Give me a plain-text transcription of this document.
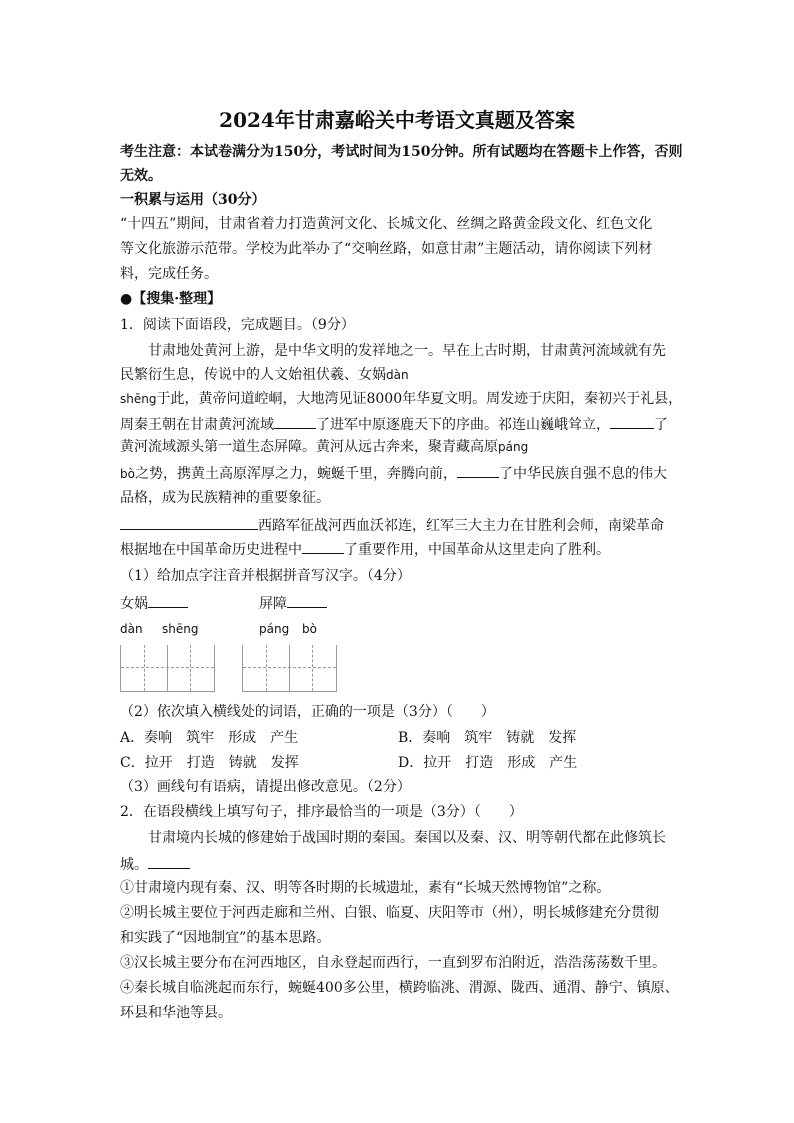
2024年甘肃嘉峪关中考语文真题及答案
考生注意：本试卷满分为150分，考试时间为150分钟。所有试题均在答题卡上作答，否则
无效。
一积累与运用（30分）
“十四五”期间，甘肃省着力打造黄河文化、长城文化、丝绸之路黄金段文化、红色文化
等文化旅游示范带。学校为此举办了“交响丝路，如意甘肃”主题活动，请你阅读下列材
料，完成任务。
●【搜集·整理】
1．阅读下面语段，完成题目。（9分）
甘肃地处黄河上游，是中华文明的发祥地之一。早在上古时期，甘肃黄河流域就有先
民繁衍生息，传说中的人文始祖伏羲、女娲dàn
shēng于此，黄帝问道崆峒，大地湾见证8000年华夏文明。周发迹于庆阳，秦初兴于礼县，
周秦王朝在甘肃黄河流域	了进军中原逐鹿天下的序曲。祁连山巍峨耸立，	了
黄河流域源头第一道生态屏障。黄河从远古奔来，聚青藏高原páng
bò之势，携黄土高原浑厚之力，蜿蜒千里，奔腾向前，	了中华民族自强不息的伟大
品格，成为民族精神的重要象征。
西路军征战河西血沃祁连，红军三大主力在甘胜利会师，南梁革命
根据地在中国革命历史进程中	了重要作用，中国革命从这里走向了胜利。
（1）给加点字注音并根据拼音写汉字。（4分）
女娲	屏障
dàn shēng	páng bò
（2）依次填入横线处的词语，正确的一项是（3分）（　　）
A．奏响　筑牢　形成　产生	B．奏响　筑牢　铸就　发挥
C．拉开　打造　铸就　发挥	D．拉开　打造　形成　产生
（3）画线句有语病，请提出修改意见。（2分）
2．在语段横线上填写句子，排序最恰当的一项是（3分）（　　）
甘肃境内长城的修建始于战国时期的秦国。秦国以及秦、汉、明等朝代都在此修筑长
城。
①甘肃境内现有秦、汉、明等各时期的长城遗址，素有“长城天然博物馆”之称。
②明长城主要位于河西走廊和兰州、白银、临夏、庆阳等市（州），明长城修建充分贯彻
和实践了“因地制宜”的基本思路。
③汉长城主要分布在河西地区，自永登起而西行，一直到罗布泊附近，浩浩荡荡数千里。
④秦长城自临洮起而东行，蜿蜒400多公里，横跨临洮、渭源、陇西、通渭、静宁、镇原、
环县和华池等县。
